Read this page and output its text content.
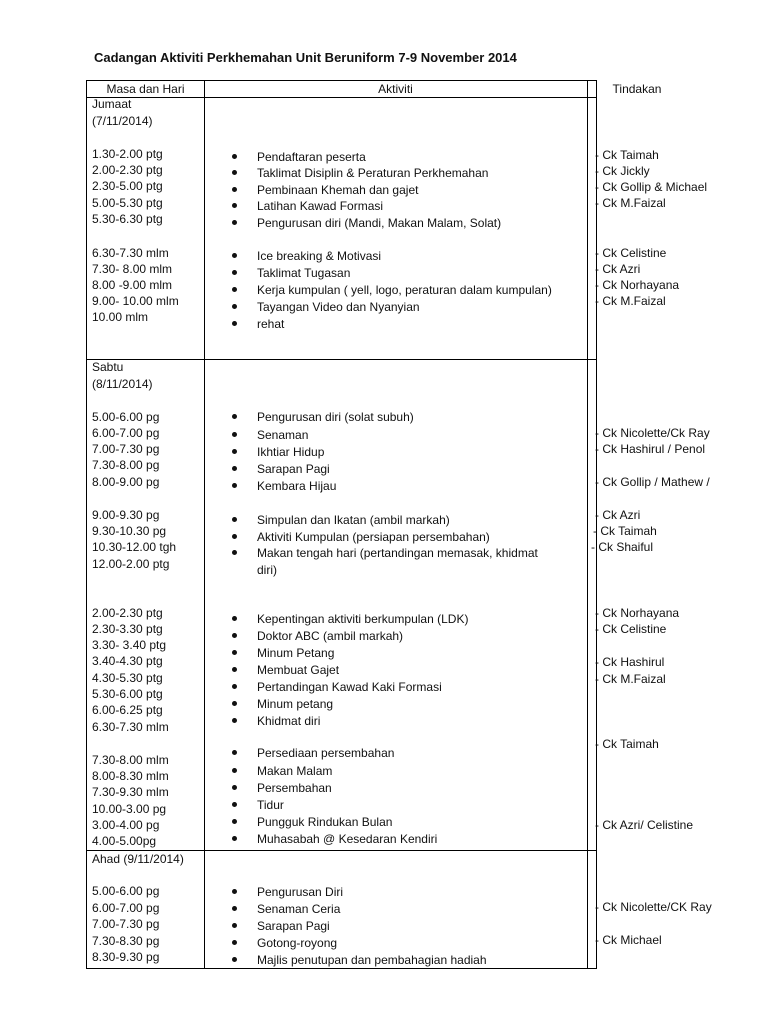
Cadangan Aktiviti Perkhemahan Unit Beruniform 7-9 November 2014
Masa dan Hari	Aktiviti	Tindakan
Jumaat
(7/11/2014)
1.30-2.00 ptg
2.00-2.30 ptg
2.30-5.00 ptg
5.00-5.30 ptg
5.30-6.30 ptg
6.30-7.30 mlm
7.30- 8.00 mlm
8.00 -9.00 mlm
9.00- 10.00 mlm
10.00 mlm
Pendaftaran peserta
Taklimat Disiplin & Peraturan Perkhemahan
Pembinaan Khemah dan gajet
Latihan Kawad Formasi
Pengurusan diri (Mandi, Makan Malam, Solat)
Ice breaking & Motivasi
Taklimat Tugasan
Kerja kumpulan ( yell, logo, peraturan dalam kumpulan)
Tayangan Video dan Nyanyian
rehat
- Ck Taimah
- Ck Jickly
- Ck Gollip & Michael
- Ck M.Faizal
- Ck Celistine
- Ck Azri
- Ck Norhayana
- Ck M.Faizal
Sabtu
(8/11/2014)
5.00-6.00 pg
6.00-7.00 pg
7.00-7.30 pg
7.30-8.00 pg
8.00-9.00 pg
9.00-9.30 pg
9.30-10.30 pg
10.30-12.00 tgh
12.00-2.00 ptg
2.00-2.30 ptg
2.30-3.30 ptg
3.30- 3.40 ptg
3.40-4.30 ptg
4.30-5.30 ptg
5.30-6.00 ptg
6.00-6.25 ptg
6.30-7.30 mlm
7.30-8.00 mlm
8.00-8.30 mlm
7.30-9.30 mlm
10.00-3.00 pg
3.00-4.00 pg
4.00-5.00pg
Pengurusan diri (solat subuh)
Senaman
Ikhtiar Hidup
Sarapan Pagi
Kembara Hijau
Simpulan dan Ikatan (ambil markah)
Aktiviti Kumpulan (persiapan persembahan)
Makan tengah hari (pertandingan memasak, khidmat
diri)
Kepentingan aktiviti berkumpulan (LDK)
Doktor ABC (ambil markah)
Minum Petang
Membuat Gajet
Pertandingan Kawad Kaki Formasi
Minum petang
Khidmat diri
Persediaan persembahan
Makan Malam
Persembahan
Tidur
Pungguk Rindukan Bulan
Muhasabah @ Kesedaran Kendiri
- Ck Nicolette/Ck Ray
- Ck Hashirul / Penol
- Ck Gollip / Mathew /
- Ck Azri
- Ck Taimah
- Ck Shaiful
- Ck Norhayana
- Ck Celistine
- Ck Hashirul
- Ck M.Faizal
- Ck Taimah
- Ck Azri/ Celistine
Ahad (9/11/2014)
5.00-6.00 pg
6.00-7.00 pg
7.00-7.30 pg
7.30-8.30 pg
8.30-9.30 pg
Pengurusan Diri
Senaman Ceria
Sarapan Pagi
Gotong-royong
Majlis penutupan dan pembahagian hadiah
- Ck Nicolette/CK Ray
- Ck Michael
